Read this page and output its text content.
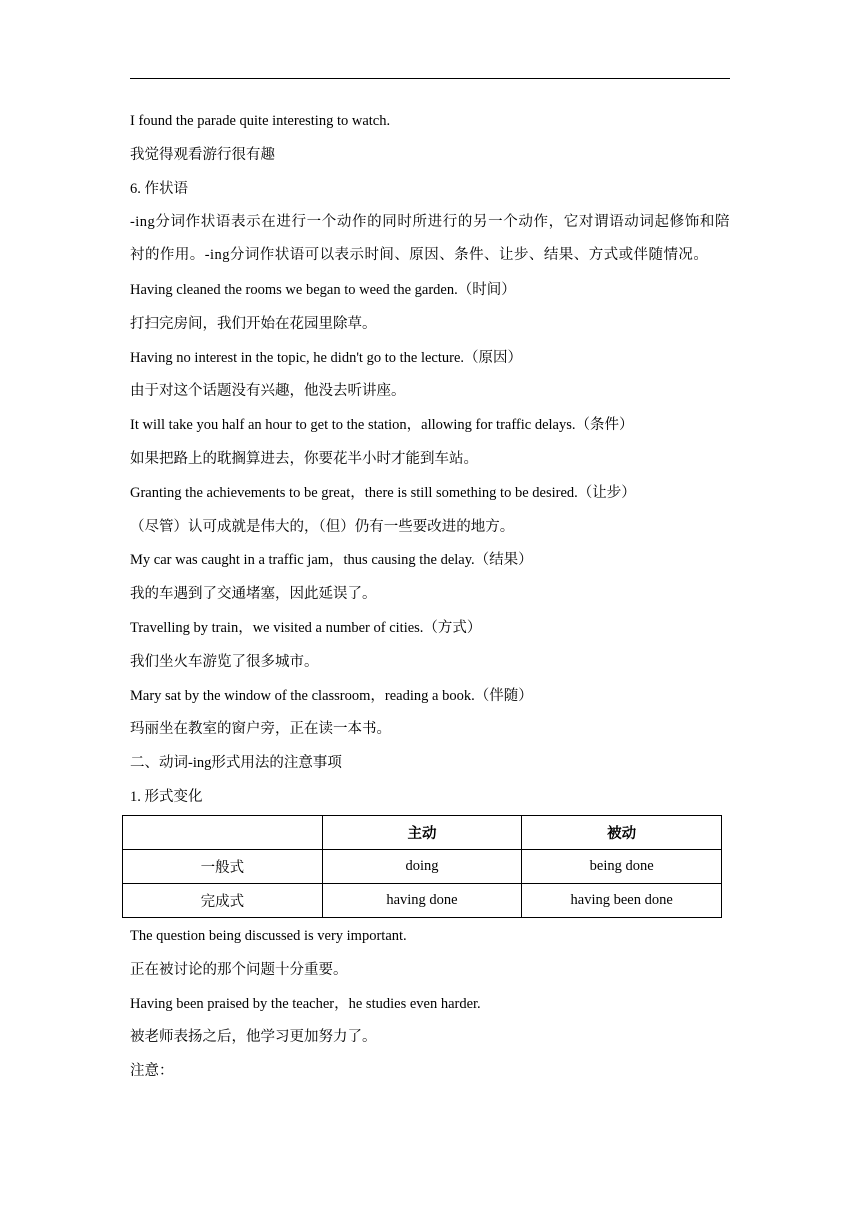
I found the parade quite interesting to watch.
我觉得观看游行很有趣
6. 作状语
-ing分词作状语表示在进行一个动作的同时所进行的另一个动作，它对谓语动词起修饰和陪衬的作用。-ing分词作状语可以表示时间、原因、条件、让步、结果、方式或伴随情况。
Having cleaned the rooms we began to weed the garden.（时间）
打扫完房间，我们开始在花园里除草。
Having no interest in the topic, he didn't go to the lecture.（原因）
由于对这个话题没有兴趣，他没去听讲座。
It will take you half an hour to get to the station，allowing for traffic delays.（条件）
如果把路上的耽搁算进去，你要花半小时才能到车站。
Granting the achievements to be great，there is still something to be desired.（让步）
（尽管）认可成就是伟大的，（但）仍有一些要改进的地方。
My car was caught in a traffic jam，thus causing the delay.（结果）
我的车遇到了交通堵塞，因此延误了。
Travelling by train，we visited a number of cities.（方式）
我们坐火车游览了很多城市。
Mary sat by the window of the classroom，reading a book.（伴随）
玛丽坐在教室的窗户旁，正在读一本书。
二、动词-ing形式用法的注意事项
1. 形式变化
	主动	被动
一般式	doing	being done
完成式	having done	having been done
The question being discussed is very important.
正在被讨论的那个问题十分重要。
Having been praised by the teacher，he studies even harder.
被老师表扬之后，他学习更加努力了。
注意：
